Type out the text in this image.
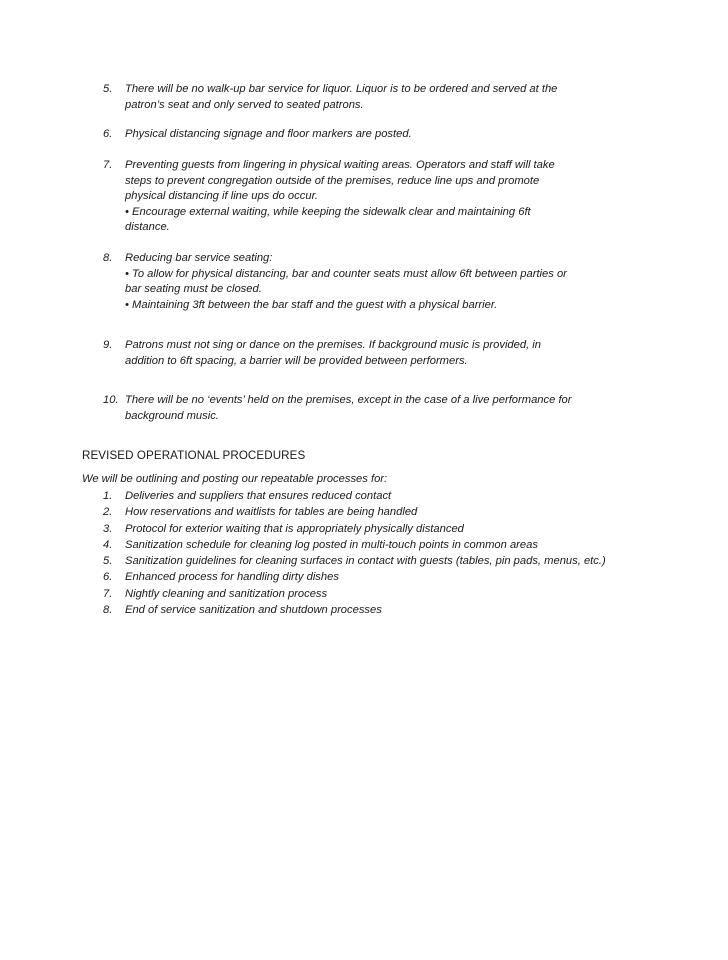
5.	There will be no walk-up bar service for liquor. Liquor is to be ordered and served at the
patron’s seat and only served to seated patrons.
6.	Physical distancing signage and floor markers are posted.
7.	Preventing guests from lingering in physical waiting areas. Operators and staff will take
steps to prevent congregation outside of the premises, reduce line ups and promote
physical distancing if line ups do occur.
• Encourage external waiting, while keeping the sidewalk clear and maintaining 6ft
distance.
8.	Reducing bar service seating:
• To allow for physical distancing, bar and counter seats must allow 6ft between parties or
bar seating must be closed.
• Maintaining 3ft between the bar staff and the guest with a physical barrier.
9.	Patrons must not sing or dance on the premises. If background music is provided, in
addition to 6ft spacing, a barrier will be provided between performers.
10. There will be no ‘events’ held on the premises, except in the case of a live performance for
background music.
REVISED OPERATIONAL PROCEDURES
We will be outlining and posting our repeatable processes for:
1.	Deliveries and suppliers that ensures reduced contact
2.	How reservations and waitlists for tables are being handled
3.	Protocol for exterior waiting that is appropriately physically distanced
4.	Sanitization schedule for cleaning log posted in multi-touch points in common areas
5.	Sanitization guidelines for cleaning surfaces in contact with guests (tables, pin pads, menus, etc.)
6.	Enhanced process for handling dirty dishes
7.	Nightly cleaning and sanitization process
8.	End of service sanitization and shutdown processes
